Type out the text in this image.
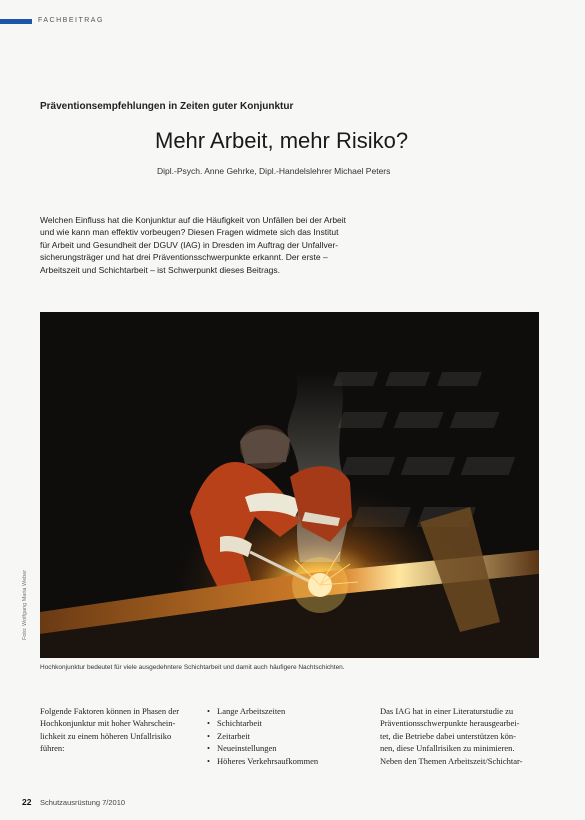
FACHBEITRAG
Präventionsempfehlungen in Zeiten guter Konjunktur
Mehr Arbeit, mehr Risiko?
Dipl.-Psych. Anne Gehrke, Dipl.-Handelslehrer Michael Peters
Welchen Einfluss hat die Konjunktur auf die Häufigkeit von Unfällen bei der Arbeit
und wie kann man effektiv vorbeugen? Diesen Fragen widmete sich das Institut
für Arbeit und Gesundheit der DGUV (IAG) in Dresden im Auftrag der Unfallver-
sicherungsträger und hat drei Präventionsschwerpunkte erkannt. Der erste –
Arbeitszeit und Schichtarbeit – ist Schwerpunkt dieses Beitrags.
Foto: Wolfgang Maria Weber
Hochkonjunktur bedeutet für viele ausgedehntere Schichtarbeit und damit auch häufigere Nachtschichten.
Folgende Faktoren können in Phasen der
Hochkonjunktur mit hoher Wahrschein-
lichkeit zu einem höheren Unfallrisiko
führen:
• Lange Arbeitszeiten
• Schichtarbeit
• Zeitarbeit
• Neueinstellungen
• Höheres Verkehrsaufkommen
Das IAG hat in einer Literaturstudie zu
Präventionsschwerpunkte herausgearbei-
tet, die Betriebe dabei unterstützen kön-
nen, diese Unfallrisiken zu minimieren.
Neben den Themen Arbeitszeit/Schichtar-
22 Schutzausrüstung 7/2010
